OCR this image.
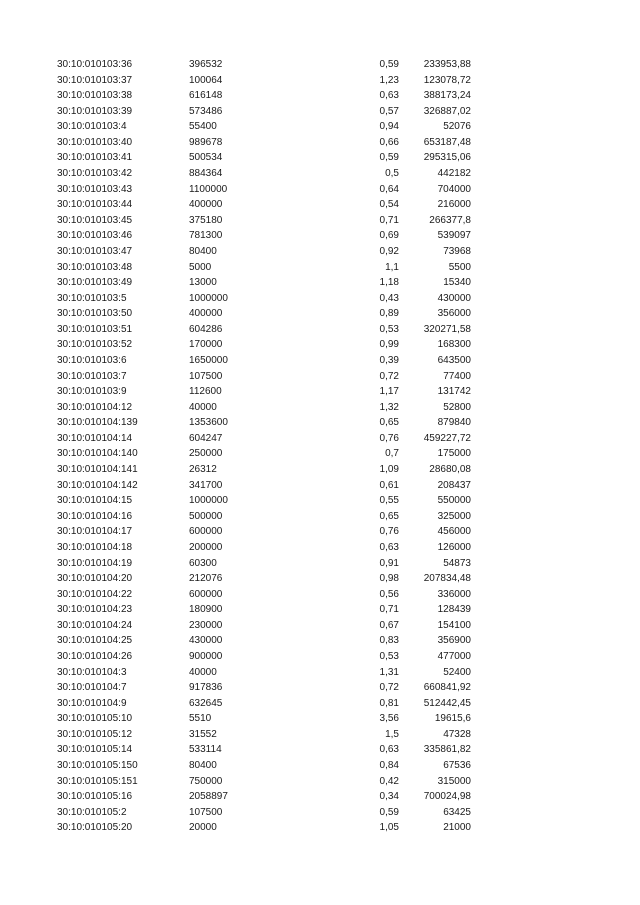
30:10:010103:36	396532	0,59	233953,88
30:10:010103:37	100064	1,23	123078,72
30:10:010103:38	616148	0,63	388173,24
30:10:010103:39	573486	0,57	326887,02
30:10:010103:4	55400	0,94	52076
30:10:010103:40	989678	0,66	653187,48
30:10:010103:41	500534	0,59	295315,06
30:10:010103:42	884364	0,5	442182
30:10:010103:43	1100000	0,64	704000
30:10:010103:44	400000	0,54	216000
30:10:010103:45	375180	0,71	266377,8
30:10:010103:46	781300	0,69	539097
30:10:010103:47	80400	0,92	73968
30:10:010103:48	5000	1,1	5500
30:10:010103:49	13000	1,18	15340
30:10:010103:5	1000000	0,43	430000
30:10:010103:50	400000	0,89	356000
30:10:010103:51	604286	0,53	320271,58
30:10:010103:52	170000	0,99	168300
30:10:010103:6	1650000	0,39	643500
30:10:010103:7	107500	0,72	77400
30:10:010103:9	112600	1,17	131742
30:10:010104:12	40000	1,32	52800
30:10:010104:139	1353600	0,65	879840
30:10:010104:14	604247	0,76	459227,72
30:10:010104:140	250000	0,7	175000
30:10:010104:141	26312	1,09	28680,08
30:10:010104:142	341700	0,61	208437
30:10:010104:15	1000000	0,55	550000
30:10:010104:16	500000	0,65	325000
30:10:010104:17	600000	0,76	456000
30:10:010104:18	200000	0,63	126000
30:10:010104:19	60300	0,91	54873
30:10:010104:20	212076	0,98	207834,48
30:10:010104:22	600000	0,56	336000
30:10:010104:23	180900	0,71	128439
30:10:010104:24	230000	0,67	154100
30:10:010104:25	430000	0,83	356900
30:10:010104:26	900000	0,53	477000
30:10:010104:3	40000	1,31	52400
30:10:010104:7	917836	0,72	660841,92
30:10:010104:9	632645	0,81	512442,45
30:10:010105:10	5510	3,56	19615,6
30:10:010105:12	31552	1,5	47328
30:10:010105:14	533114	0,63	335861,82
30:10:010105:150	80400	0,84	67536
30:10:010105:151	750000	0,42	315000
30:10:010105:16	2058897	0,34	700024,98
30:10:010105:2	107500	0,59	63425
30:10:010105:20	20000	1,05	21000
